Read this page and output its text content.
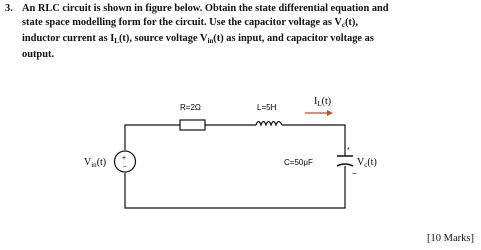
3. An RLC circuit is shown in figure below. Obtain the state differential equation and
state space modelling form for the circuit. Use the capacitor voltage as $V_c(t)$,
inductor current as $I_L(t)$, source voltage $V_{in}(t)$ as input, and capacitor voltage as
output.
R=2Ω	L=5H
$I_L(t)$
$V_{in}(t)$ +
−
C=50μF
*
−
$V_c(t)$
[10 Marks]
